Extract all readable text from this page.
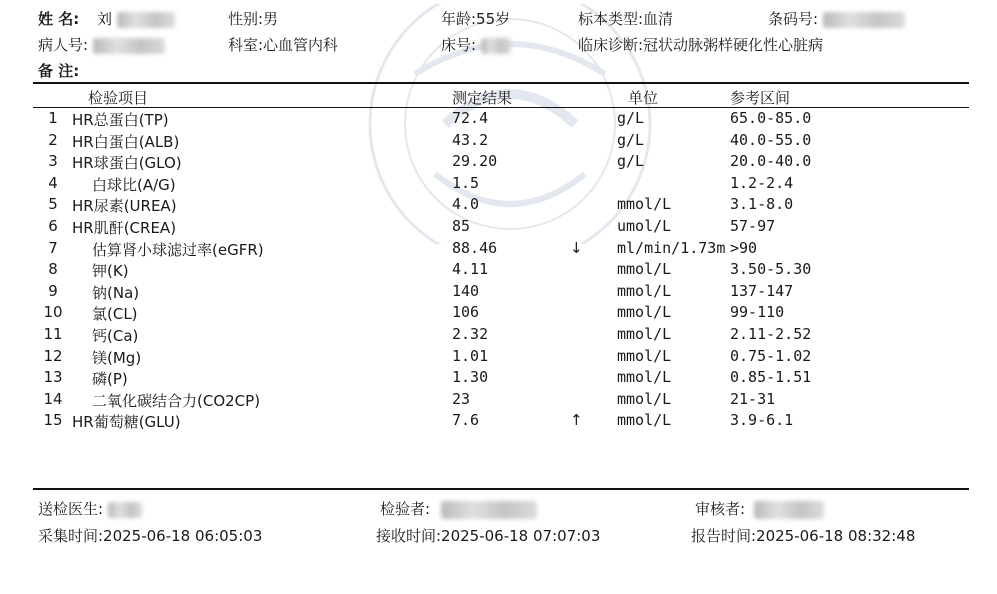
姓 名: 刘	性别:男	年龄:55岁	标本类型:血清	条码号:
病人号:	科室:心血管内科	床号:	临床诊断:冠状动脉粥样硬化性心脏病
备 注:
检验项目	测定结果	单位	参考区间
1 HR总蛋白(TP)	72.4	g/L	65.0-85.0
2 HR白蛋白(ALB)	43.2	g/L	40.0-55.0
3 HR球蛋白(GLO)	29.20	g/L	20.0-40.0
4	白球比(A/G)	1.5	1.2-2.4
5 HR尿素(UREA)	4.0	mmol/L	3.1-8.0
6 HR肌酐(CREA)	85	umol/L	57-97
7	估算肾小球滤过率(eGFR)	88.46	↓ ml/min/1.73m >90
8	钾(K)	4.11	mmol/L	3.50-5.30
9	钠(Na)	140	mmol/L	137-147
10	氯(CL)	106	mmol/L	99-110
11	钙(Ca)	2.32	mmol/L	2.11-2.52
12	镁(Mg)	1.01	mmol/L	0.75-1.02
13	磷(P)	1.30	mmol/L	0.85-1.51
14	二氧化碳结合力(CO2CP)	23	mmol/L	21-31
15 HR葡萄糖(GLU)	7.6	↑ mmol/L	3.9-6.1
送检医生:	检验者:	审核者:
采集时间:2025-06-18 06:05:03	接收时间:2025-06-18 07:07:03	报告时间:2025-06-18 08:32:48
